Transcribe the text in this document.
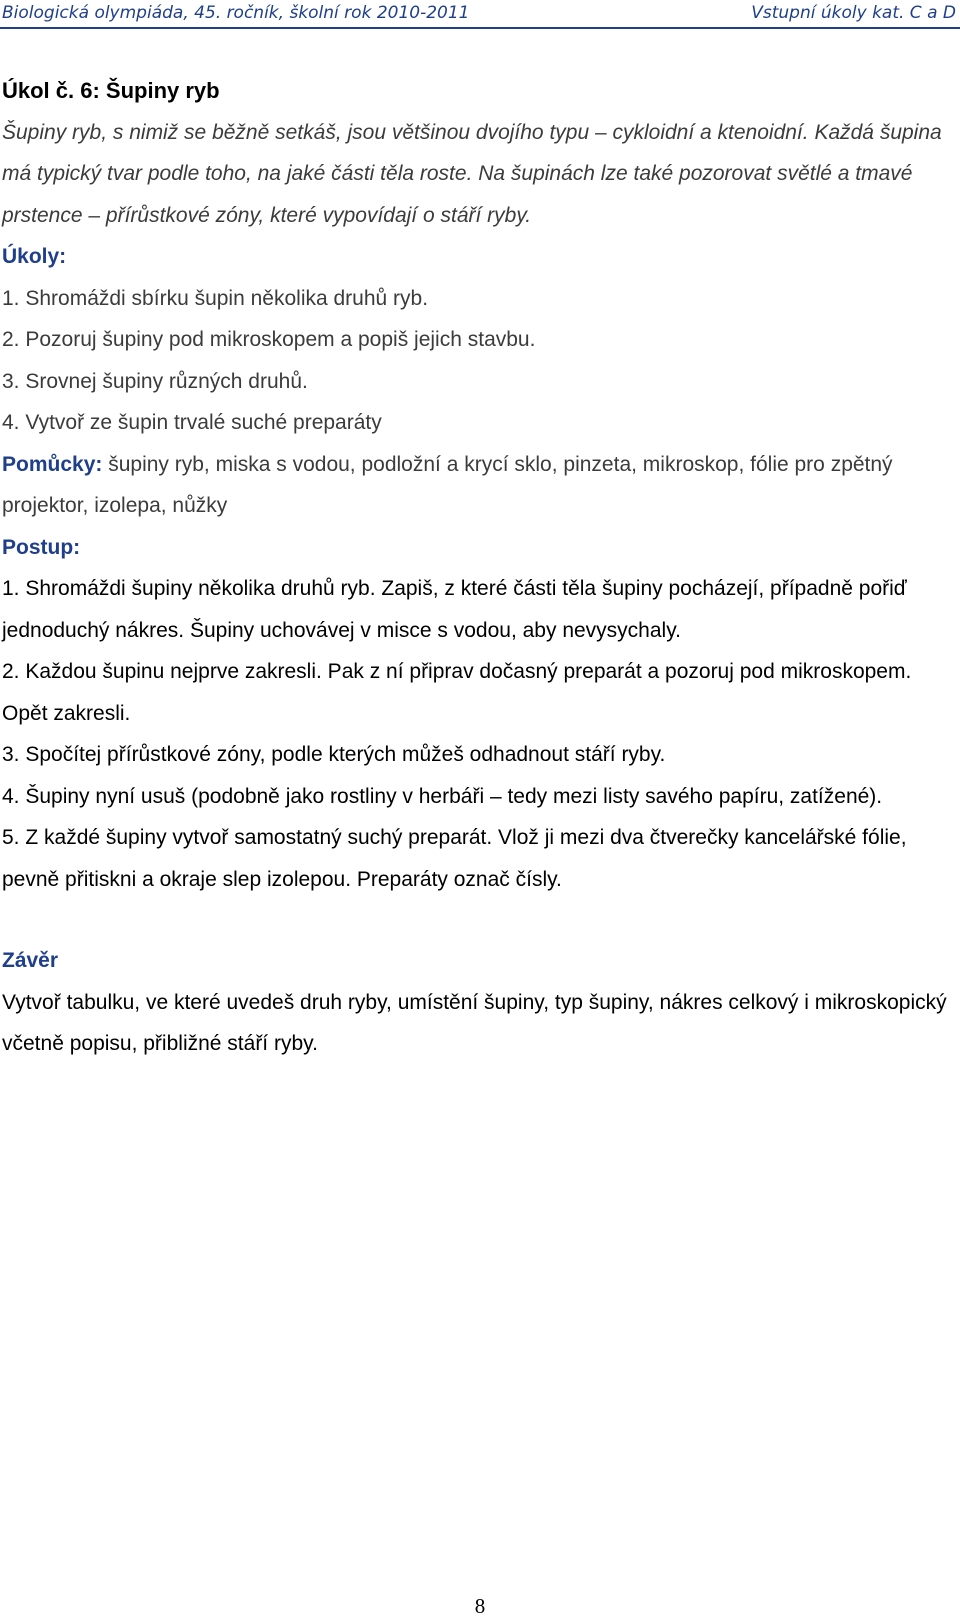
Biologická olympiáda, 45. ročník, školní rok 2010-2011	Vstupní úkoly kat. C a D

Úkol č. 6: Šupiny ryb

Šupiny ryb, s nimiž se běžně setkáš, jsou většinou dvojího typu – cykloidní a ktenoidní. Každá šupina má typický tvar podle toho, na jaké části těla roste. Na šupinách lze také pozorovat světlé a tmavé prstence – přírůstkové zóny, které vypovídají o stáří ryby.

Úkoly:

1. Shromáždi sbírku šupin několika druhů ryb.

2. Pozoruj šupiny pod mikroskopem a popiš jejich stavbu.

3. Srovnej šupiny různých druhů.

4. Vytvoř ze šupin trvalé suché preparáty

Pomůcky: šupiny ryb, miska s vodou, podložní a krycí sklo, pinzeta, mikroskop, fólie pro zpětný projektor, izolepa, nůžky

Postup:

1. Shromáždi šupiny několika druhů ryb. Zapiš, z které části těla šupiny pocházejí, případně pořiď jednoduchý nákres. Šupiny uchovávej v misce s vodou, aby nevysychaly.

2. Každou šupinu nejprve zakresli. Pak z ní připrav dočasný preparát a pozoruj pod mikroskopem. Opět zakresli.

3. Spočítej přírůstkové zóny, podle kterých můžeš odhadnout stáří ryby.

4. Šupiny nyní usuš (podobně jako rostliny v herbáři – tedy mezi listy savého papíru, zatížené).

5. Z každé šupiny vytvoř samostatný suchý preparát. Vlož ji mezi dva čtverečky kancelářské fólie, pevně přitiskni a okraje slep izolepou. Preparáty označ čísly.

Závěr

Vytvoř tabulku, ve které uvedeš druh ryby, umístění šupiny, typ šupiny, nákres celkový i mikroskopický včetně popisu, přibližné stáří ryby.

8
